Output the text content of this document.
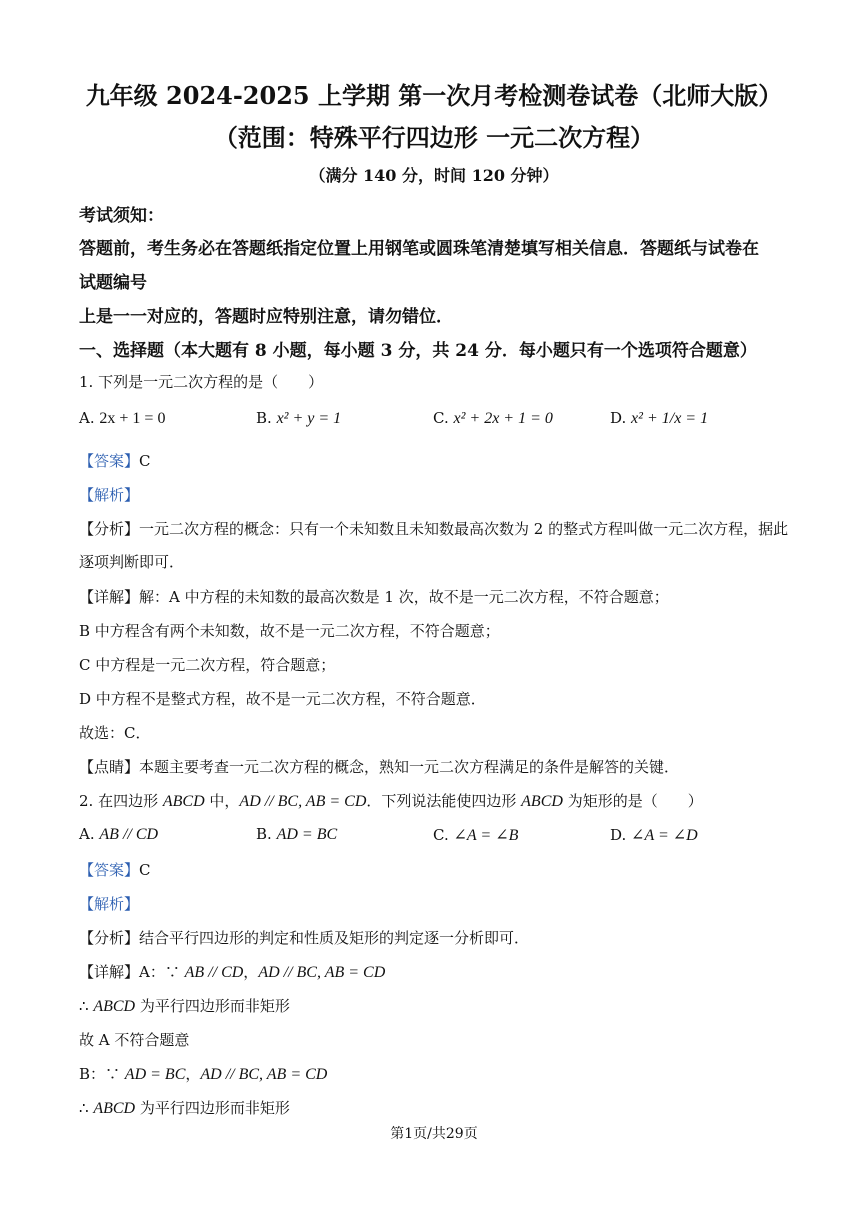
九年级 2024-2025 上学期 第一次月考检测卷试卷（北师大版）
（范围：特殊平行四边形 一元二次方程）
（满分 140 分，时间 120 分钟）
考试须知：
答题前，考生务必在答题纸指定位置上用钢笔或圆珠笔清楚填写相关信息．答题纸与试卷在
试题编号
上是一一对应的，答题时应特别注意，请勿错位．
一、选择题（本大题有 8 小题，每小题 3 分，共 24 分．每小题只有一个选项符合题意）
1. 下列是一元二次方程的是（　　）
A. 2x + 1 = 0	B. x² + y = 1	C. x² + 2x + 1 = 0	D. x² + 1/x = 1
【答案】C
【解析】
【分析】一元二次方程的概念：只有一个未知数且未知数最高次数为 2 的整式方程叫做一元二次方程，据此
逐项判断即可．
【详解】解：A 中方程的未知数的最高次数是 1 次，故不是一元二次方程，不符合题意；
B 中方程含有两个未知数，故不是一元二次方程，不符合题意；
C 中方程是一元二次方程，符合题意；
D 中方程不是整式方程，故不是一元二次方程，不符合题意．
故选：C．
【点睛】本题主要考查一元二次方程的概念，熟知一元二次方程满足的条件是解答的关键．
2. 在四边形 ABCD 中，AD // BC, AB = CD．下列说法能使四边形 ABCD 为矩形的是（　　）
A. AB // CD	B. AD = BC	C. ∠A = ∠B	D. ∠A = ∠D
【答案】C
【解析】
【分析】结合平行四边形的判定和性质及矩形的判定逐一分析即可．
【详解】A：∵ AB // CD，AD // BC, AB = CD
∴ ABCD 为平行四边形而非矩形
故 A 不符合题意
B：∵ AD = BC，AD // BC, AB = CD
∴ ABCD 为平行四边形而非矩形
第1页/共29页
